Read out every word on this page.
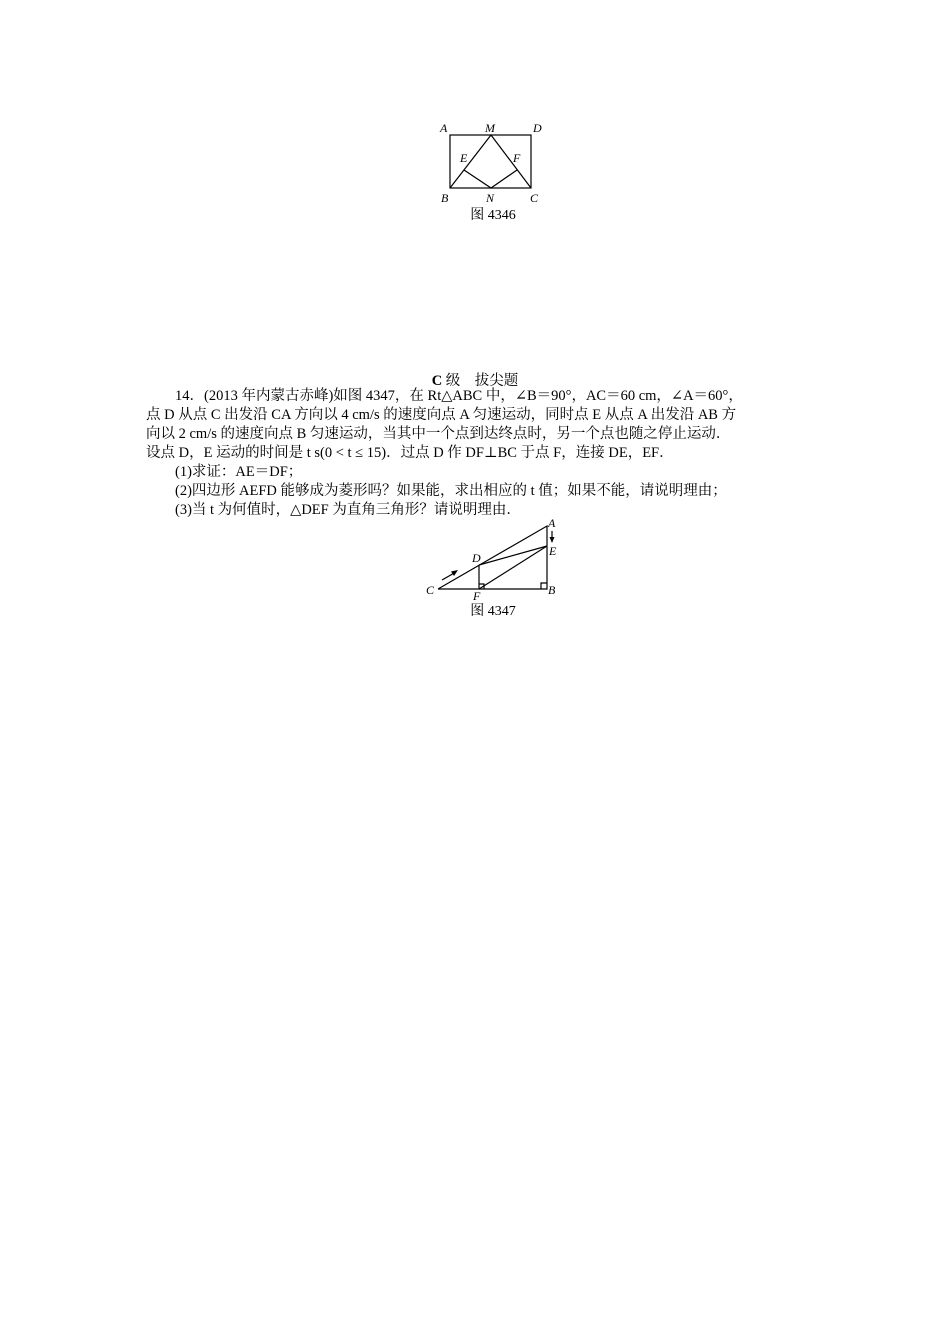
A	M	D
E	F
B	N	C
图 4346
C 级　拔尖题

14．(2013 年内蒙古赤峰)如图 4347，在 Rt△ABC 中，∠B＝90°，AC＝60 cm，∠A＝60°，

点 D 从点 C 出发沿 CA 方向以 4 cm/s 的速度向点 A 匀速运动，同时点 E 从点 A 出发沿 AB 方

向以 2 cm/s 的速度向点 B 匀速运动，当其中一个点到达终点时，另一个点也随之停止运动．

设点 D，E 运动的时间是 t s(0 < t ≤ 15)．过点 D 作 DF⊥BC 于点 F，连接 DE，EF．

(1)求证：AE＝DF；

(2)四边形 AEFD 能够成为菱形吗？如果能，求出相应的 t 值；如果不能，请说明理由；

(3)当 t 为何值时，△DEF 为直角三角形？请说明理由．

A
D	E
C	F	B
图 4347
